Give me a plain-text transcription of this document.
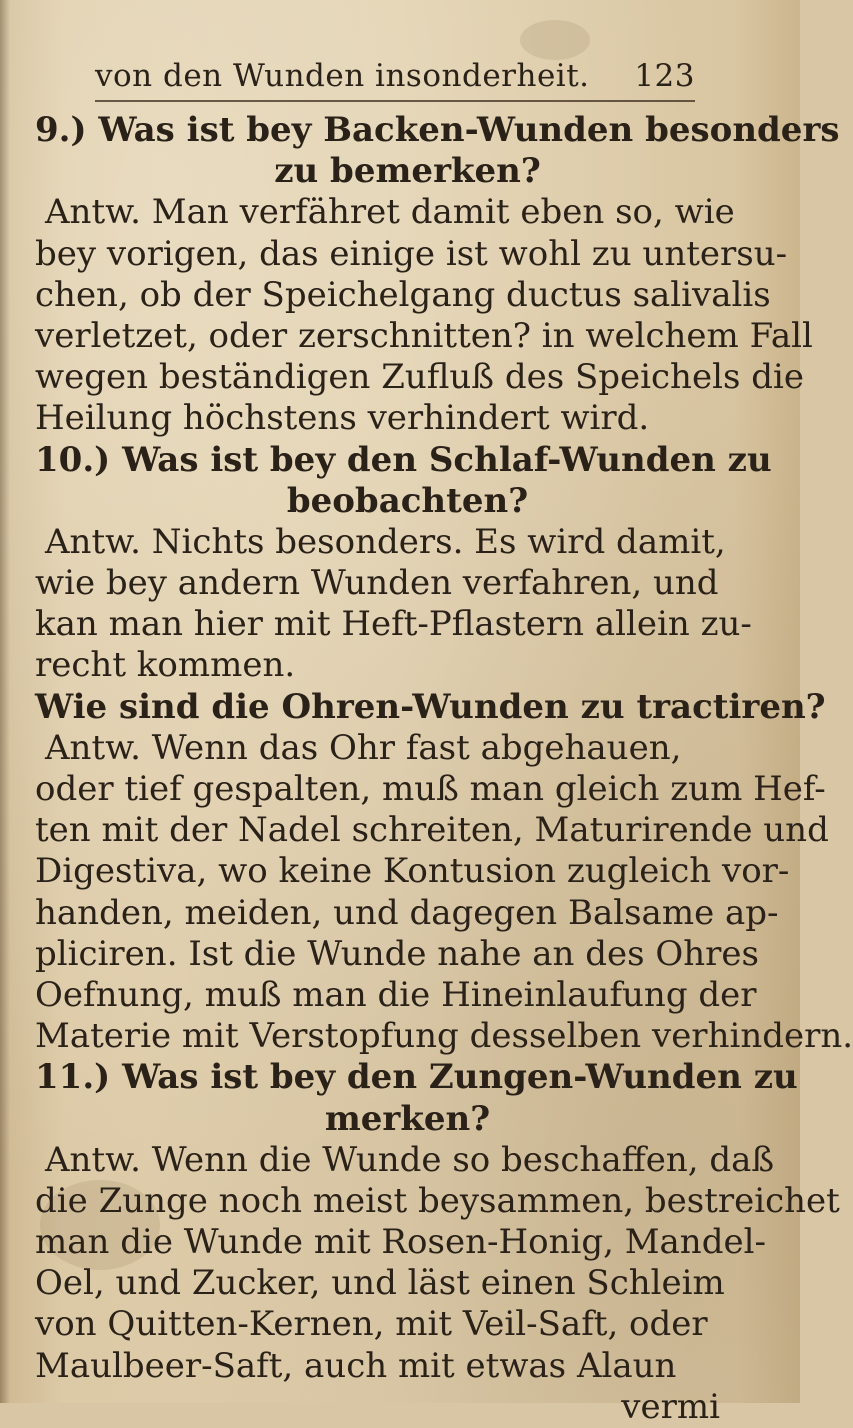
von den Wunden insonderheit. 123
9.) Was ist bey Backen-Wunden besonders
zu bemerken?
Antw. Man verfähret damit eben so, wie
bey vorigen, das einige ist wohl zu untersu-
chen, ob der Speichelgang ductus salivalis
verletzet, oder zerschnitten? in welchem Fall
wegen beständigen Zufluß des Speichels die
Heilung höchstens verhindert wird.
10.) Was ist bey den Schlaf-Wunden zu
beobachten?
Antw. Nichts besonders. Es wird damit,
wie bey andern Wunden verfahren, und
kan man hier mit Heft-Pflastern allein zu-
recht kommen.
Wie sind die Ohren-Wunden zu tractiren?
Antw. Wenn das Ohr fast abgehauen,
oder tief gespalten, muß man gleich zum Hef-
ten mit der Nadel schreiten, Maturirende und
Digestiva, wo keine Kontusion zugleich vor-
handen, meiden, und dagegen Balsame ap-
pliciren. Ist die Wunde nahe an des Ohres
Oefnung, muß man die Hineinlaufung der
Materie mit Verstopfung desselben verhindern.
11.) Was ist bey den Zungen-Wunden zu
merken?
Antw. Wenn die Wunde so beschaffen, daß
die Zunge noch meist beysammen, bestreichet
man die Wunde mit Rosen-Honig, Mandel-
Oel, und Zucker, und läst einen Schleim
von Quitten-Kernen, mit Veil-Saft, oder
Maulbeer-Saft, auch mit etwas Alaun
vermi
